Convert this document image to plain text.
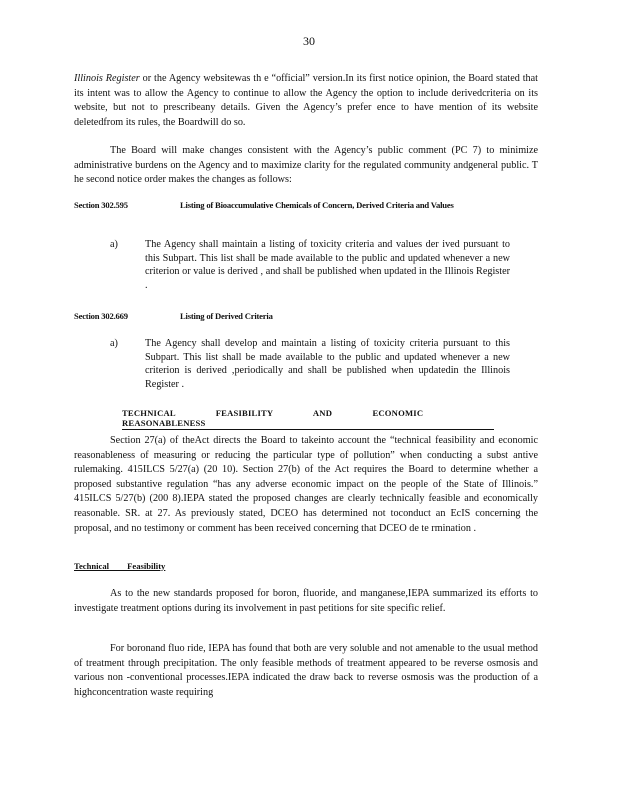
30
Illinois Register or the Agency websitewas th e “official” version.In its first notice opinion, the Board stated that its intent was to allow the Agency to continue to allow the Agency the option to include derivedcriteria on its website, but not to prescribeany details. Given the Agency’s prefer ence to have mention of its website deletedfrom its rules, the Boardwill do so.
The Board will make changes consistent with the Agency’s public comment (PC 7) to minimize administrative burdens on the Agency and to maximize clarity for the regulated community andgeneral public. T he second notice order makes the changes as follows:
Section 302.595	Listing of Bioaccumulative Chemicals of Concern, Derived Criteria and Values
a)	The Agency shall maintain a listing of toxicity criteria and values der ived pursuant to this Subpart. This list shall be made available to the public and updated whenever a new criterion or value is derived , and shall be published when updated in the Illinois Register .
Section 302.669	Listing of Derived Criteria
a)	The Agency shall develop and maintain a listing of toxicity criteria pursuant to this Subpart. This list shall be made available to the public and updated whenever a new criterion is derived ,periodically and shall be published when updatedin the Illinois Register .
TECHNICAL FEASIBILITY AND ECONOMIC REASONABLENESS
Section 27(a) of theAct directs the Board to takeinto account the “technical feasibility and economic reasonableness of measuring or reducing the particular type of pollution” when conducting a subst antive rulemaking. 415ILCS 5/27(a) (20 10). Section 27(b) of the Act requires the Board to determine whether a proposed substantive regulation “has any adverse economic impact on the people of the State of Illinois.” 415ILCS 5/27(b) (200 8).IEPA stated the proposed changes are clearly technically feasible and economically reasonable. SR. at 27. As previously stated, DCEO has determined not toconduct an EcIS concerning the proposal, and no testimony or comment has been received concerning that DCEO de te rmination .
Technical Feasibility
As to the new standards proposed for boron, fluoride, and manganese,IEPA summarized its efforts to investigate treatment options during its involvement in past petitions for site specific relief.
For boronand fluo ride, IEPA has found that both are very soluble and not amenable to the usual method of treatment through precipitation. The only feasible methods of treatment appeared to be reverse osmosis and various non -conventional processes.IEPA indicated the draw back to reverse osmosis was the production of a highconcentration waste requiring
